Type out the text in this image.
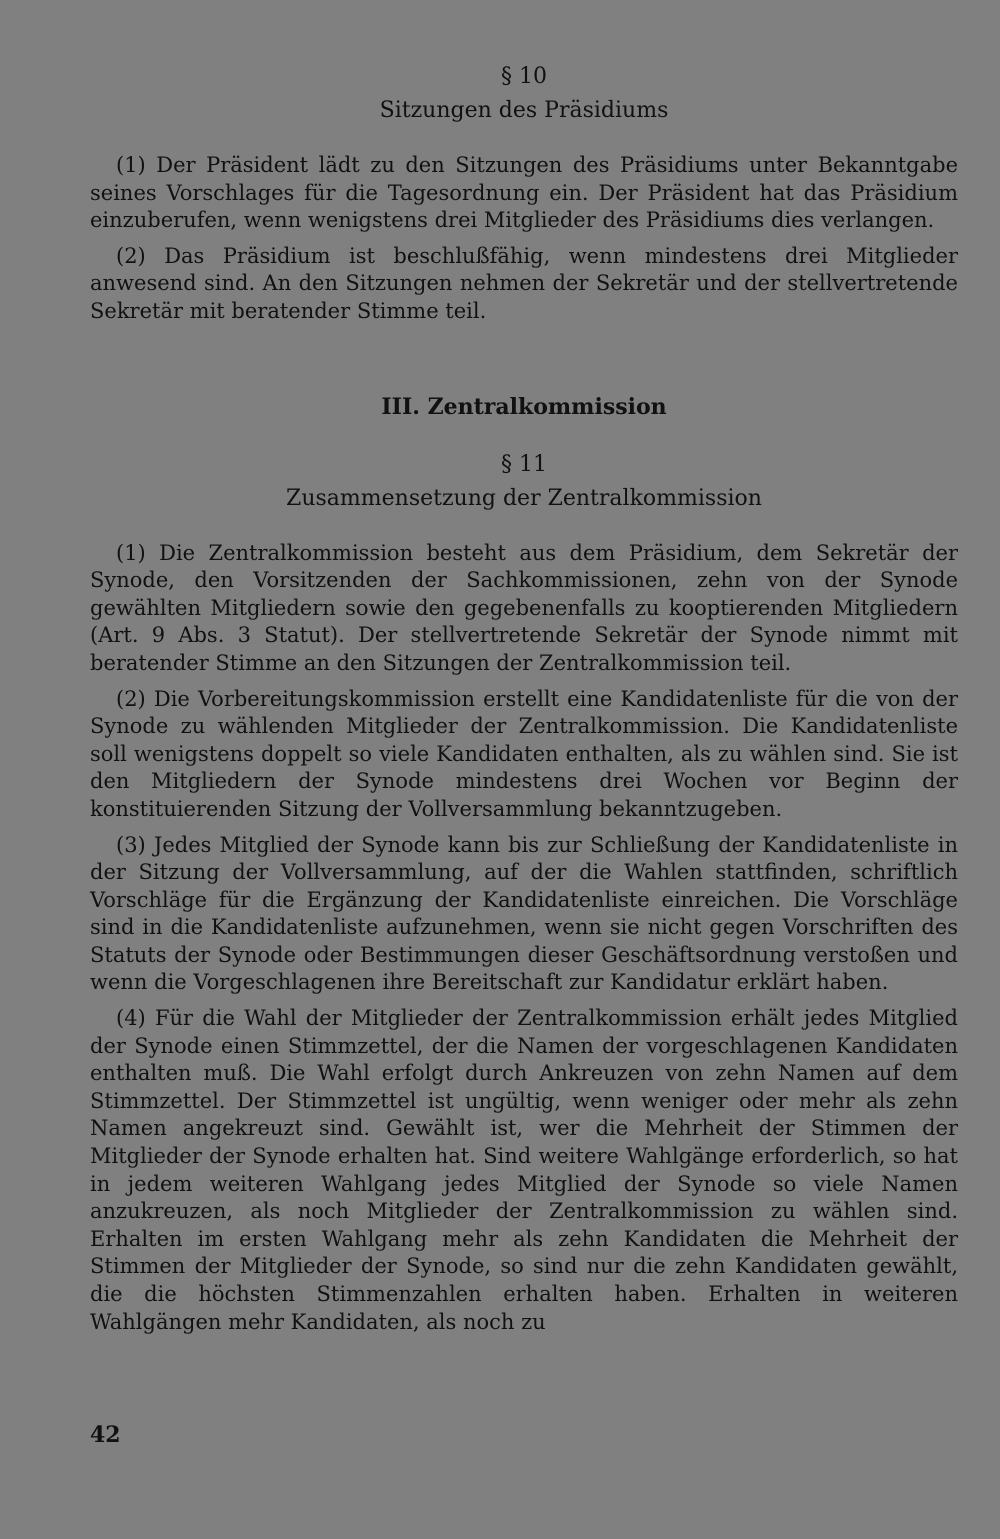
§ 10
Sitzungen des Präsidiums

(1) Der Präsident lädt zu den Sitzungen des Präsidiums unter Bekanntgabe seines Vorschlages für die Tagesordnung ein. Der Präsident hat das Präsidium einzuberufen, wenn wenigstens drei Mitglieder des Präsidiums dies verlangen.

(2) Das Präsidium ist beschlußfähig, wenn mindestens drei Mitglieder anwesend sind. An den Sitzungen nehmen der Sekretär und der stellvertretende Sekretär mit beratender Stimme teil.

III. Zentralkommission
§ 11
Zusammensetzung der Zentralkommission

(1) Die Zentralkommission besteht aus dem Präsidium, dem Sekretär der Synode, den Vorsitzenden der Sachkommissionen, zehn von der Synode gewählten Mitgliedern sowie den gegebenenfalls zu kooptierenden Mitgliedern (Art. 9 Abs. 3 Statut). Der stellvertretende Sekretär der Synode nimmt mit beratender Stimme an den Sitzungen der Zentralkommission teil.

(2) Die Vorbereitungskommission erstellt eine Kandidatenliste für die von der Synode zu wählenden Mitglieder der Zentralkommission. Die Kandidatenliste soll wenigstens doppelt so viele Kandidaten enthalten, als zu wählen sind. Sie ist den Mitgliedern der Synode mindestens drei Wochen vor Beginn der konstituierenden Sitzung der Vollversammlung bekanntzugeben.

(3) Jedes Mitglied der Synode kann bis zur Schließung der Kandidatenliste in der Sitzung der Vollversammlung, auf der die Wahlen stattfinden, schriftlich Vorschläge für die Ergänzung der Kandidatenliste einreichen. Die Vorschläge sind in die Kandidatenliste aufzunehmen, wenn sie nicht gegen Vorschriften des Statuts der Synode oder Bestimmungen dieser Geschäftsordnung verstoßen und wenn die Vorgeschlagenen ihre Bereitschaft zur Kandidatur erklärt haben.

(4) Für die Wahl der Mitglieder der Zentralkommission erhält jedes Mitglied der Synode einen Stimmzettel, der die Namen der vorgeschlagenen Kandidaten enthalten muß. Die Wahl erfolgt durch Ankreuzen von zehn Namen auf dem Stimmzettel. Der Stimmzettel ist ungültig, wenn weniger oder mehr als zehn Namen angekreuzt sind. Gewählt ist, wer die Mehrheit der Stimmen der Mitglieder der Synode erhalten hat. Sind weitere Wahlgänge erforderlich, so hat in jedem weiteren Wahlgang jedes Mitglied der Synode so viele Namen anzukreuzen, als noch Mitglieder der Zentralkommission zu wählen sind. Erhalten im ersten Wahlgang mehr als zehn Kandidaten die Mehrheit der Stimmen der Mitglieder der Synode, so sind nur die zehn Kandidaten gewählt, die die höchsten Stimmenzahlen erhalten haben. Erhalten in weiteren Wahlgängen mehr Kandidaten, als noch zu

42
